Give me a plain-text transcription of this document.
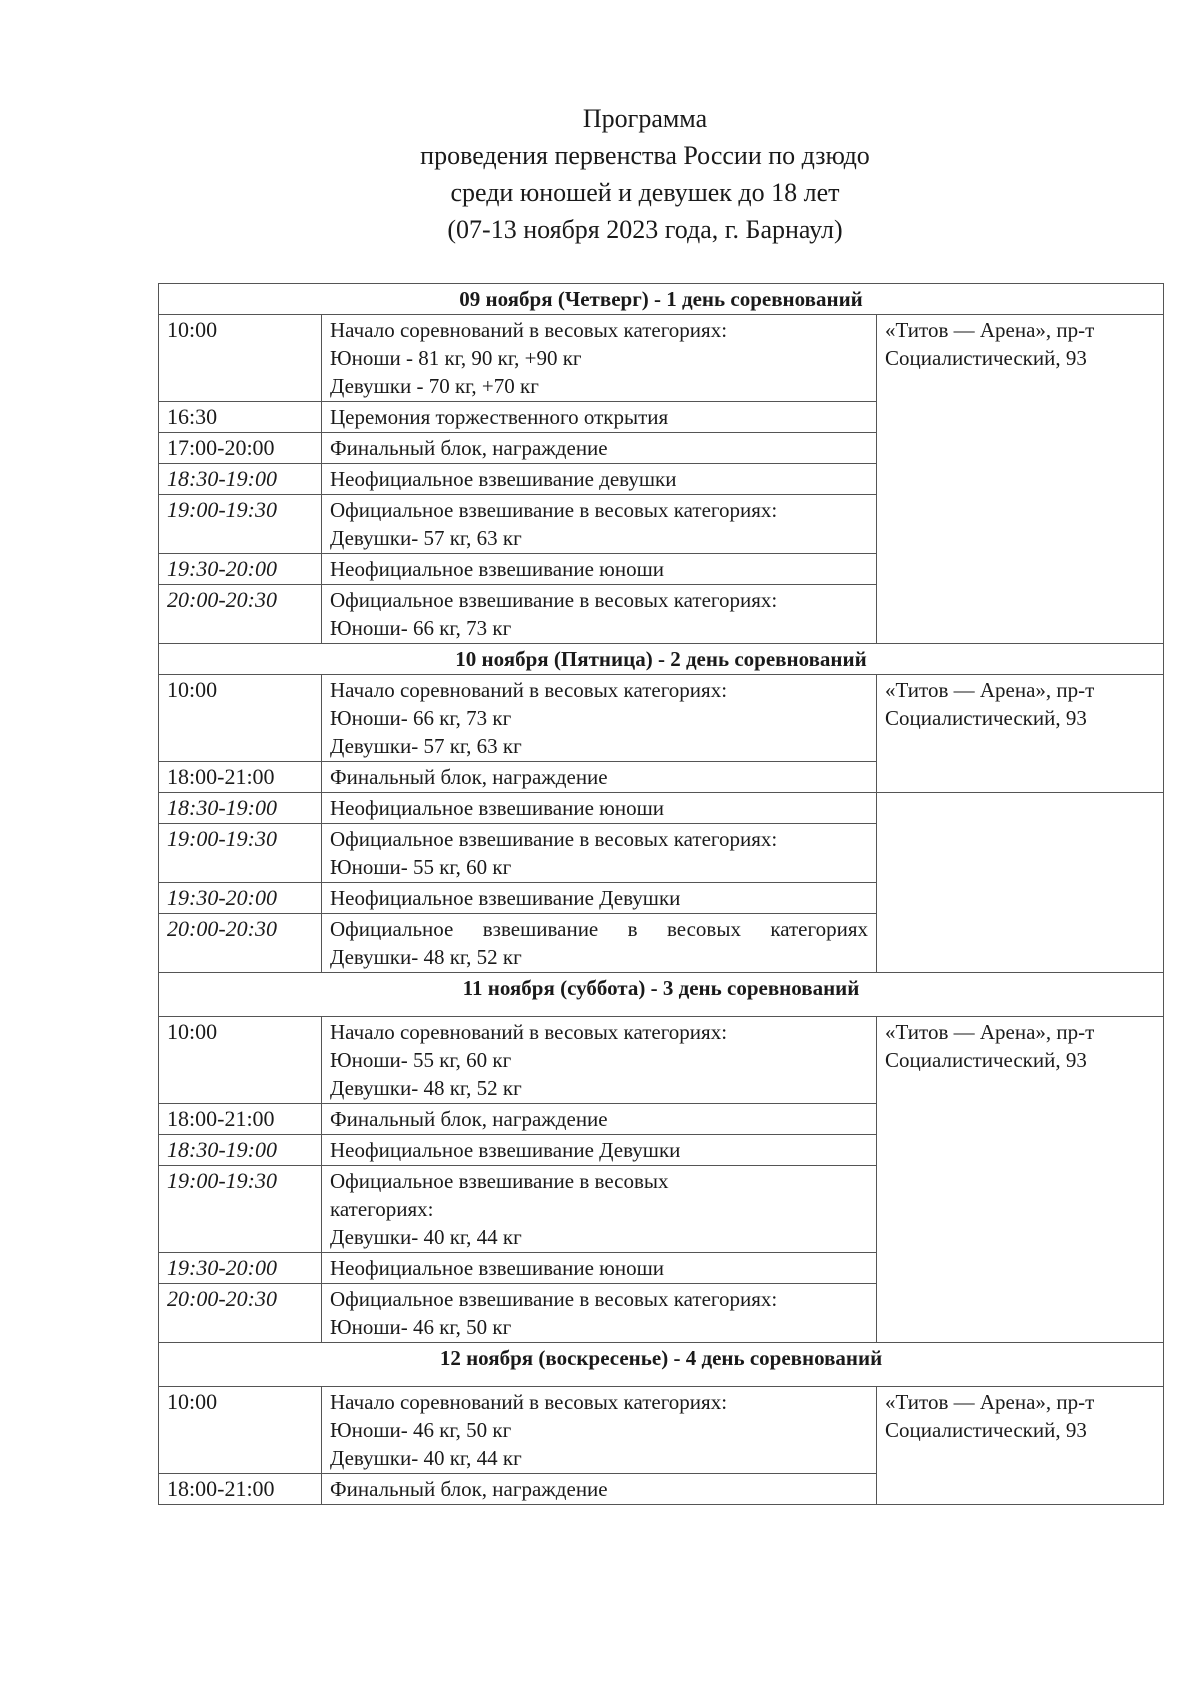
Программа
проведения первенства России по дзюдо
среди юношей и девушек до 18 лет
(07-13 ноября 2023 года, г. Барнаул)
09 ноября (Четверг) - 1 день соревнований		
10:00	Начало соревнований в весовых категориях:
Юноши - 81 кг, 90 кг, +90 кг
Девушки - 70 кг, +70 кг	«Титов — Арена», пр-т
Социалистический, 93

16:30	Церемония торжественного открытия	

17:00-20:00	Финальный блок, награждение	

18:30-19:00	Неофициальное взвешивание девушки	

19:00-19:30	Официальное взвешивание в весовых категориях:
Девушки- 57 кг, 63 кг	

19:30-20:00	Неофициальное взвешивание юноши	

20:00-20:30	Официальное взвешивание в весовых категориях:
Юноши- 66 кг, 73 кг	

10 ноября (Пятница) - 2 день соревнований		
10:00	Начало соревнований в весовых категориях:
Юноши- 66 кг, 73 кг
Девушки- 57 кг, 63 кг	«Титов — Арена», пр-т
Социалистический, 93

18:00-21:00	Финальный блок, награждение	

18:30-19:00	Неофициальное взвешивание юноши	

19:00-19:30	Официальное взвешивание в весовых категориях:
Юноши- 55 кг, 60 кг	

19:30-20:00	Неофициальное взвешивание Девушки	

20:00-20:30	Официальное взвешивание в весовых категориях
Девушки- 48 кг, 52 кг	

11 ноября (суббота) - 3 день соревнований		
10:00	Начало соревнований в весовых категориях:
Юноши- 55 кг, 60 кг
Девушки- 48 кг, 52 кг	«Титов — Арена», пр-т
Социалистический, 93

18:00-21:00	Финальный блок, награждение	

18:30-19:00	Неофициальное взвешивание Девушки	

19:00-19:30	Официальное взвешивание в весовых
категориях:
Девушки- 40 кг, 44 кг	

19:30-20:00	Неофициальное взвешивание юноши	

20:00-20:30	Официальное взвешивание в весовых категориях:
Юноши- 46 кг, 50 кг	

12 ноября (воскресенье) - 4 день соревнований		
10:00	Начало соревнований в весовых категориях:
Юноши- 46 кг, 50 кг
Девушки- 40 кг, 44 кг	«Титов — Арена», пр-т
Социалистический, 93

18:00-21:00	Финальный блок, награждение	
